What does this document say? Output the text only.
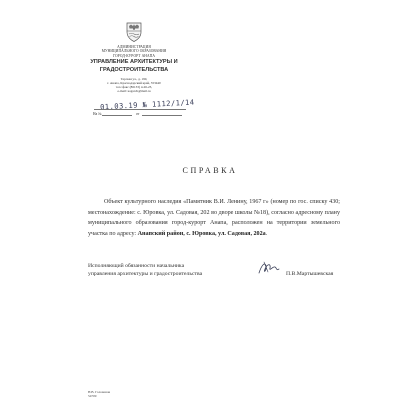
АДМИНИСТРАЦИЯ
МУНИЦИПАЛЬНОГО ОБРАЗОВАНИЯ
ГОРОД-КУРОРТ АНАПА
УПРАВЛЕНИЕ АРХИТЕКТУРЫ И
ГРАДОСТРОИТЕЛЬСТВА
Терская ул., д. 190,
г. Анапа, Краснодарский край, 353440
тел./факс (86133) 4-26-23,
e-mail: uagarch@mail.ru
01.03.19 № 1112/1/14
На №	от
СПРАВКА
Объект культурного наследия «Памятник В.И. Ленину, 1967 г» (номер по гос. списку 430; местонахождение: с. Юровка, ул. Садовая, 202 во дворе школы №18), согласно адресному плану муниципального образования город-курорт Анапа, расположен на территории земельного участка по адресу: Анапский район, с. Юровка, ул. Садовая, 202а.
Исполняющий обязанности начальника
управления архитектуры и градостроительства	П.В.Мартышевская
Н.В. Голованов
54709
